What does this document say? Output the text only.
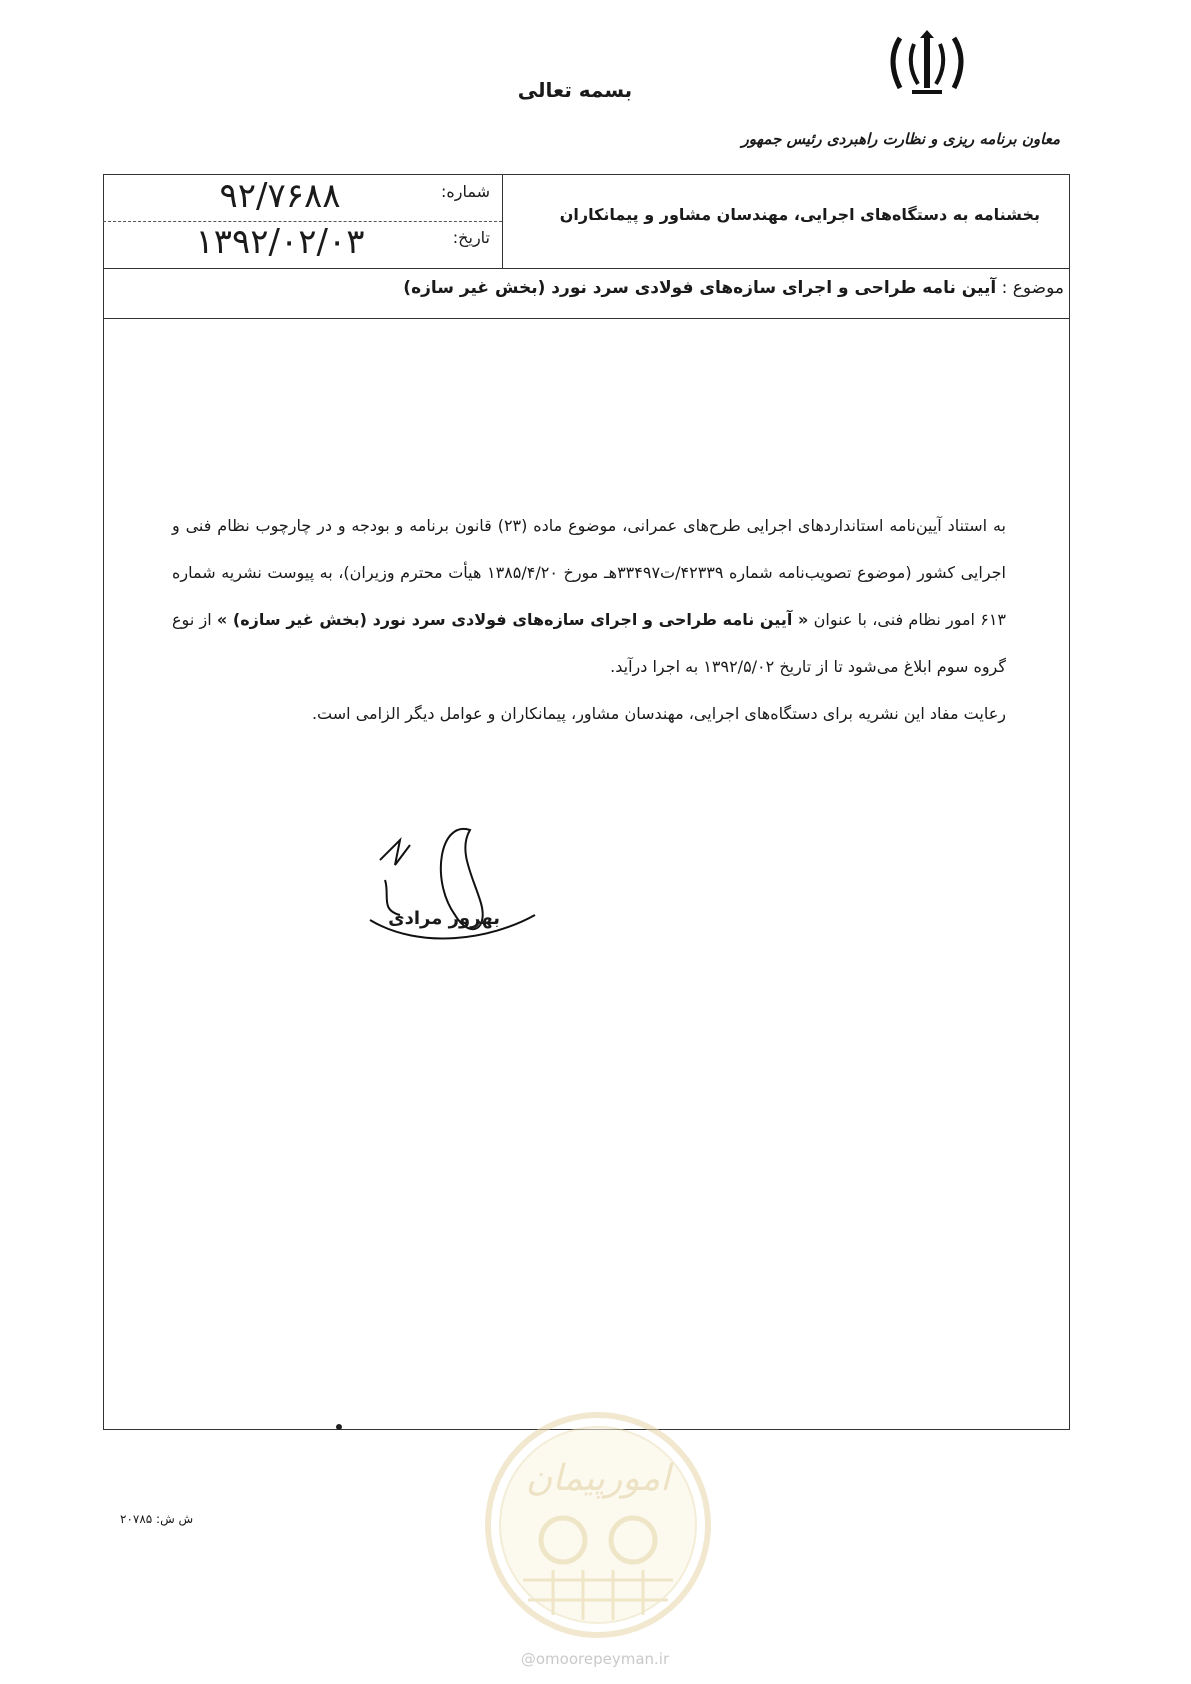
بسمه تعالی
معاون برنامه ریزی و نظارت راهبردی رئیس جمهور
بخشنامه به دستگاه‌های اجرایی، مهندسان مشاور و پیمانکاران
شماره:
۹۲/۷۶۸۸
تاریخ:
۱۳۹۲/۰۲/۰۳
موضوع : آیین نامه طراحی و اجرای سازه‌های فولادی سرد نورد (بخش غیر سازه)

به استناد آیین‌نامه استانداردهای اجرایی طرح‌های عمرانی، موضوع ماده (۲۳) قانون برنامه و بودجه و در چارچوب نظام فنی و اجرایی کشور (موضوع تصویب‌نامه شماره ۴۲۳۳۹/ت۳۳۴۹۷هـ مورخ ۱۳۸۵/۴/۲۰ هیأت محترم وزیران)، به پیوست نشریه شماره ۶۱۳ امور نظام فنی، با عنوان « آیین نامه طراحی و اجرای سازه‌های فولادی سرد نورد (بخش غیر سازه) » از نوع گروه سوم ابلاغ می‌شود تا از تاریخ ۱۳۹۲/۵/۰۲ به اجرا درآید.

رعایت مفاد این نشریه برای دستگاه‌های اجرایی، مهندسان مشاور، پیمانکاران و عوامل دیگر الزامی است.

بهروز مرادی
ش ش: ۲۰۷۸۵
امورپیمان
@omoorepeyman.ir
